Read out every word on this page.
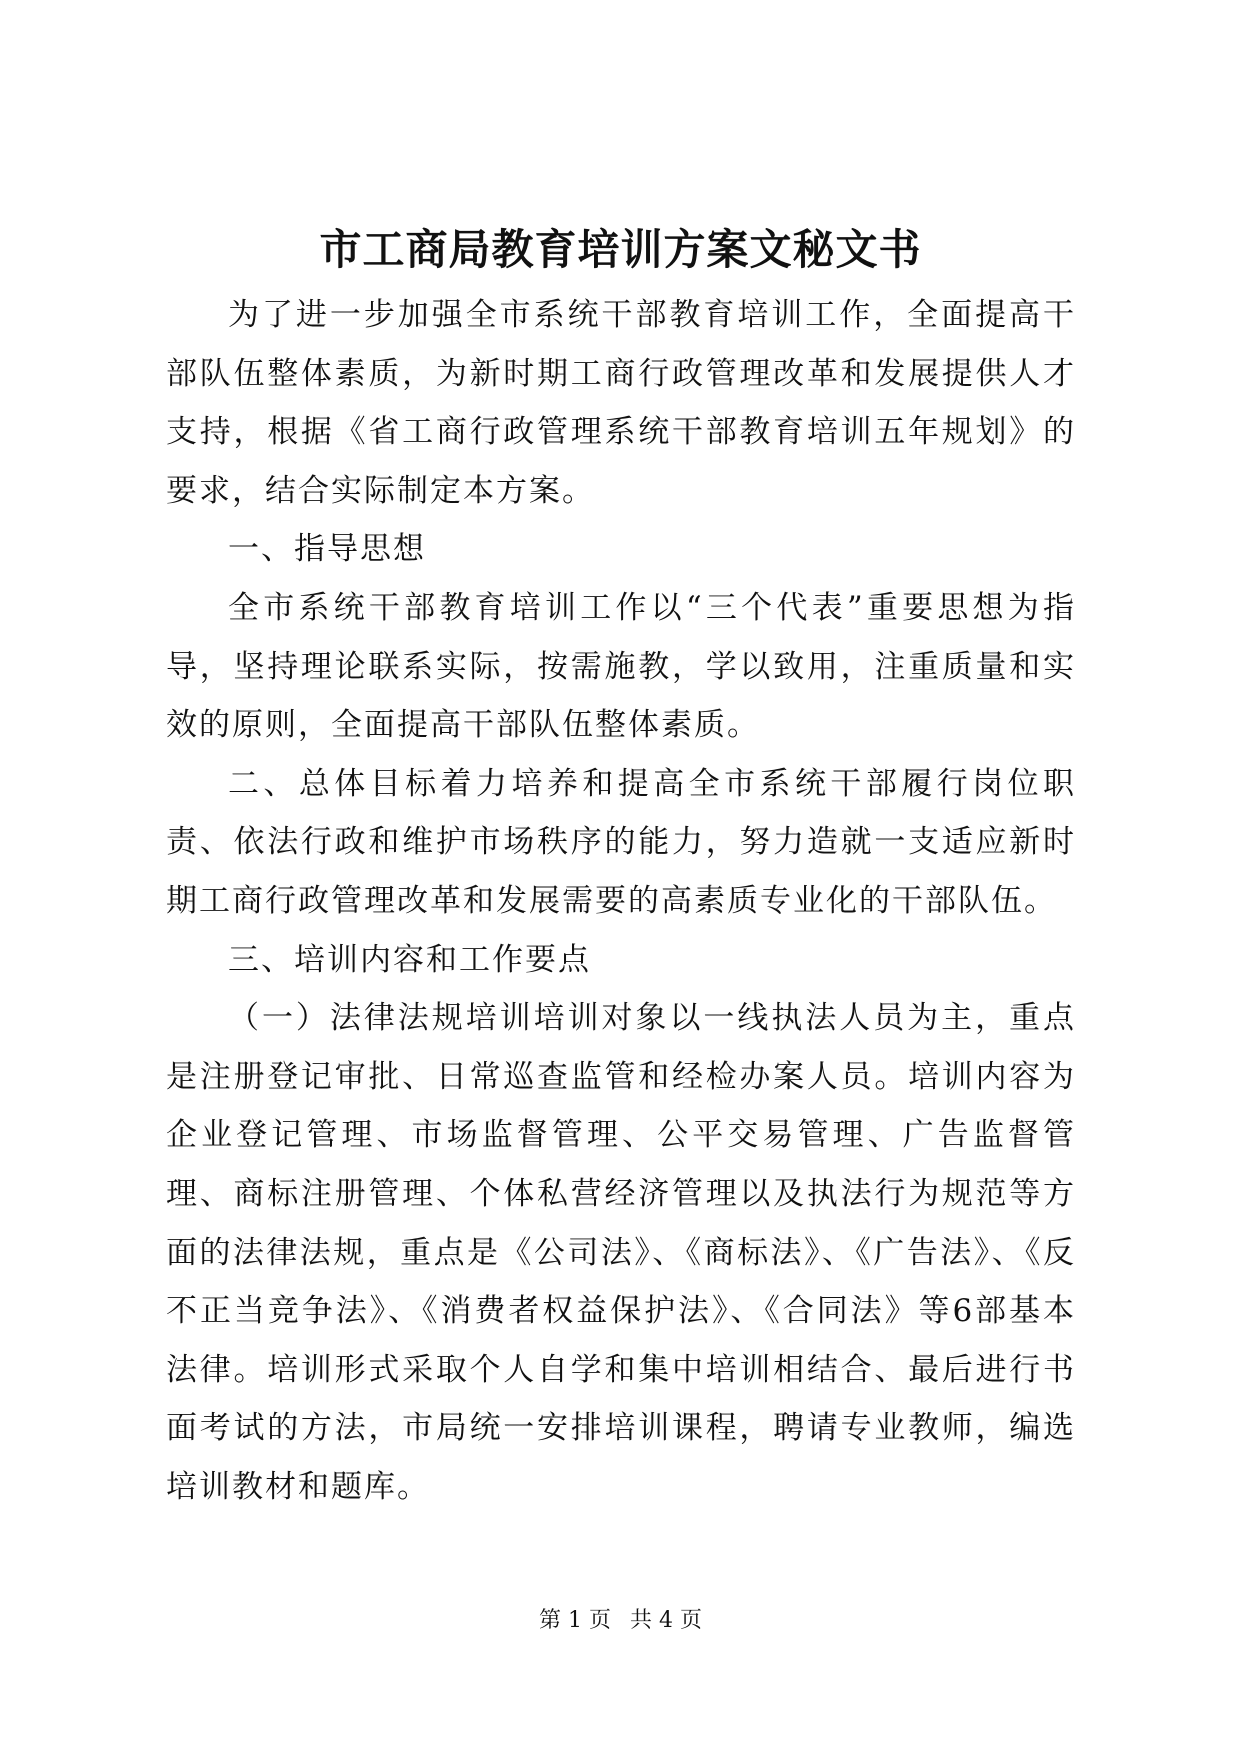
市工商局教育培训方案文秘文书

为了进一步加强全市系统干部教育培训工作，全面提高干部队伍整体素质，为新时期工商行政管理改革和发展提供人才支持，根据《省工商行政管理系统干部教育培训五年规划》的要求，结合实际制定本方案。

一、指导思想

全市系统干部教育培训工作以“三个代表”重要思想为指导，坚持理论联系实际，按需施教，学以致用，注重质量和实效的原则，全面提高干部队伍整体素质。

二、总体目标着力培养和提高全市系统干部履行岗位职责、依法行政和维护市场秩序的能力，努力造就一支适应新时期工商行政管理改革和发展需要的高素质专业化的干部队伍。

三、培训内容和工作要点

（一）法律法规培训培训对象以一线执法人员为主，重点是注册登记审批、日常巡查监管和经检办案人员。培训内容为企业登记管理、市场监督管理、公平交易管理、广告监督管理、商标注册管理、个体私营经济管理以及执法行为规范等方面的法律法规，重点是《公司法》、《商标法》、《广告法》、《反不正当竞争法》、《消费者权益保护法》、《合同法》等6部基本法律。培训形式采取个人自学和集中培训相结合、最后进行书面考试的方法，市局统一安排培训课程，聘请专业教师，编选培训教材和题库。

第 1 页 共 4 页
